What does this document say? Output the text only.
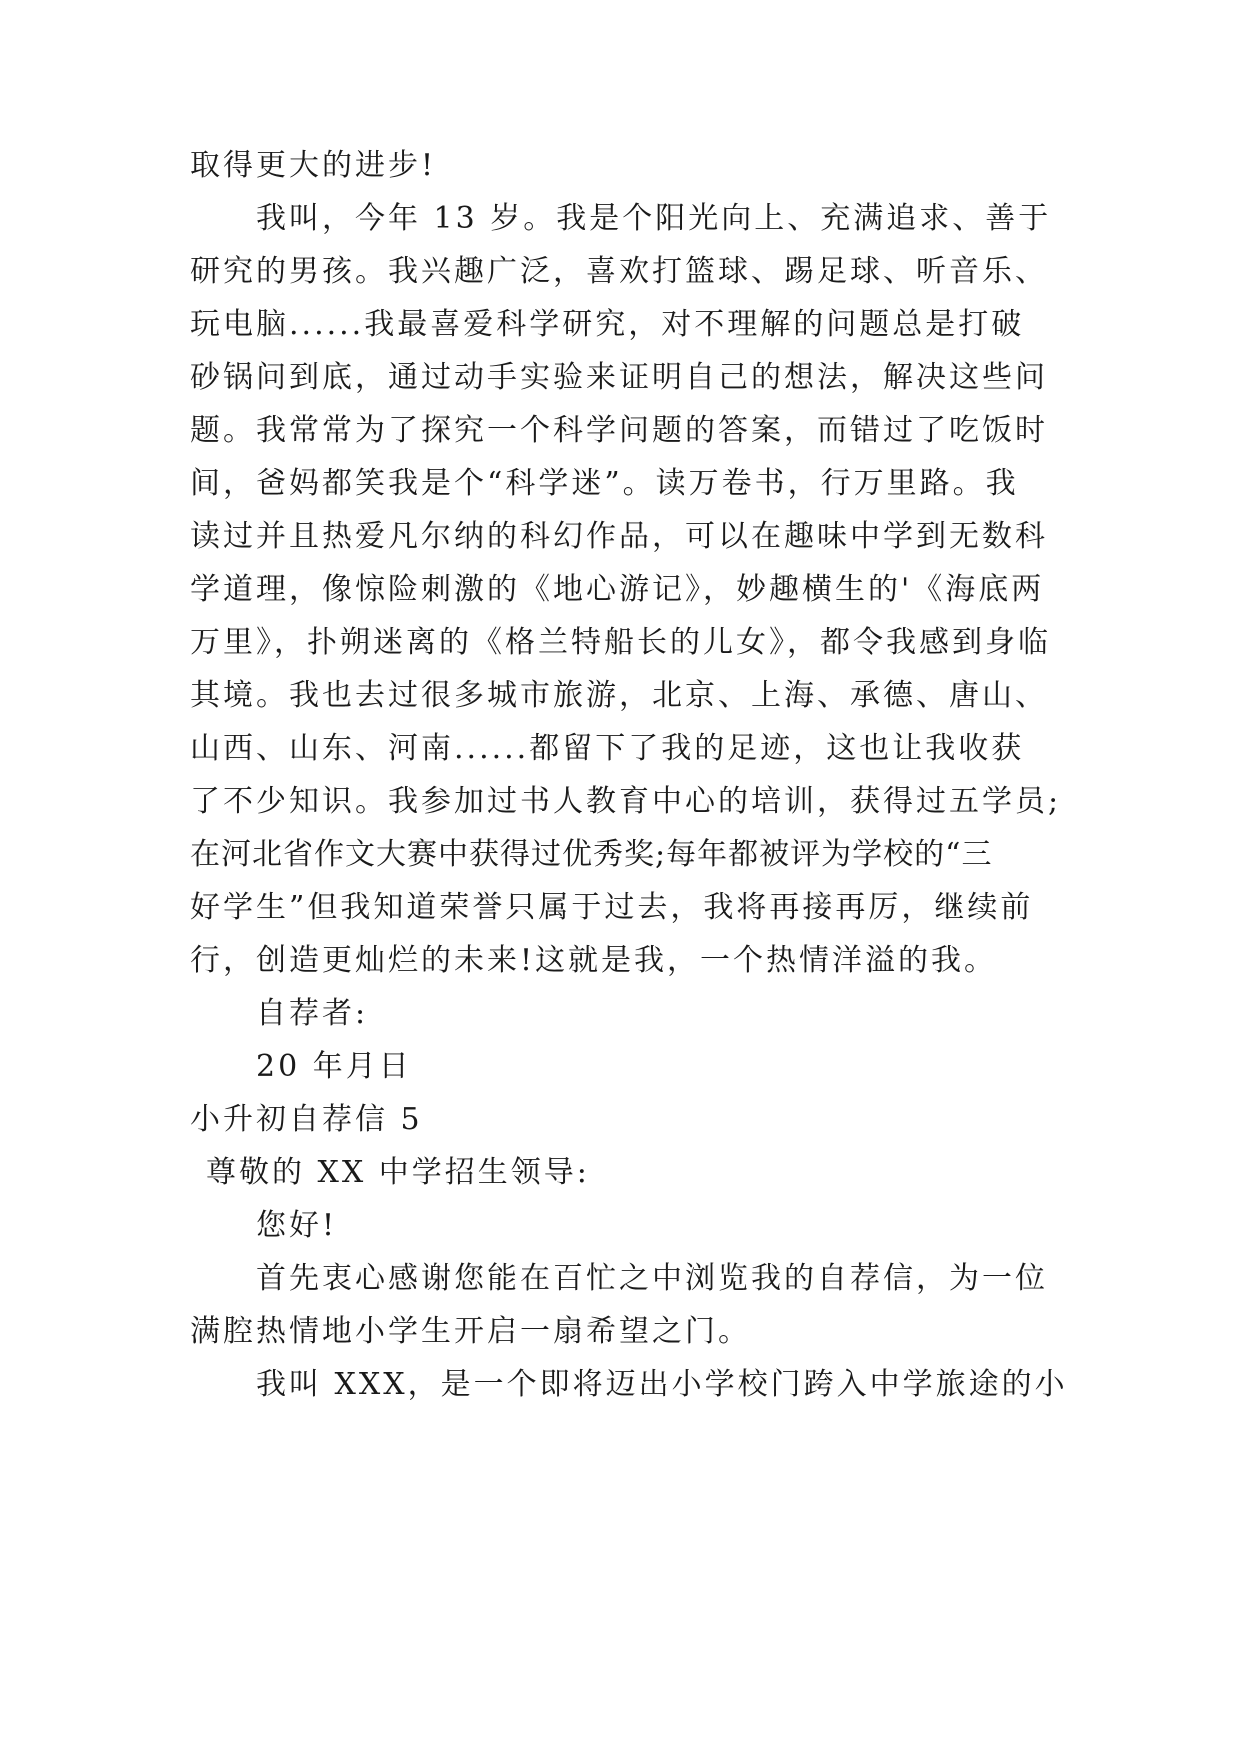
取得更大的进步!
我叫，今年 13 岁。我是个阳光向上、充满追求、善于
研究的男孩。我兴趣广泛，喜欢打篮球、踢足球、听音乐、
玩电脑......我最喜爱科学研究，对不理解的问题总是打破
砂锅问到底，通过动手实验来证明自己的想法，解决这些问
题。我常常为了探究一个科学问题的答案，而错过了吃饭时
间，爸妈都笑我是个“科学迷”。读万卷书，行万里路。我
读过并且热爱凡尔纳的科幻作品，可以在趣味中学到无数科
学道理，像惊险刺激的《地心游记》，妙趣横生的'《海底两
万里》，扑朔迷离的《格兰特船长的儿女》，都令我感到身临
其境。我也去过很多城市旅游，北京、上海、承德、唐山、
山西、山东、河南......都留下了我的足迹，这也让我收获
了不少知识。我参加过书人教育中心的培训，获得过五学员;
在河北省作文大赛中获得过优秀奖;每年都被评为学校的“三
好学生”但我知道荣誉只属于过去，我将再接再厉，继续前
行，创造更灿烂的未来!这就是我，一个热情洋溢的我。
自荐者:
20 年月日
小升初自荐信 5
尊敬的 XX 中学招生领导:
您好!
首先衷心感谢您能在百忙之中浏览我的自荐信，为一位
满腔热情地小学生开启一扇希望之门。
我叫 XXX，是一个即将迈出小学校门跨入中学旅途的小
